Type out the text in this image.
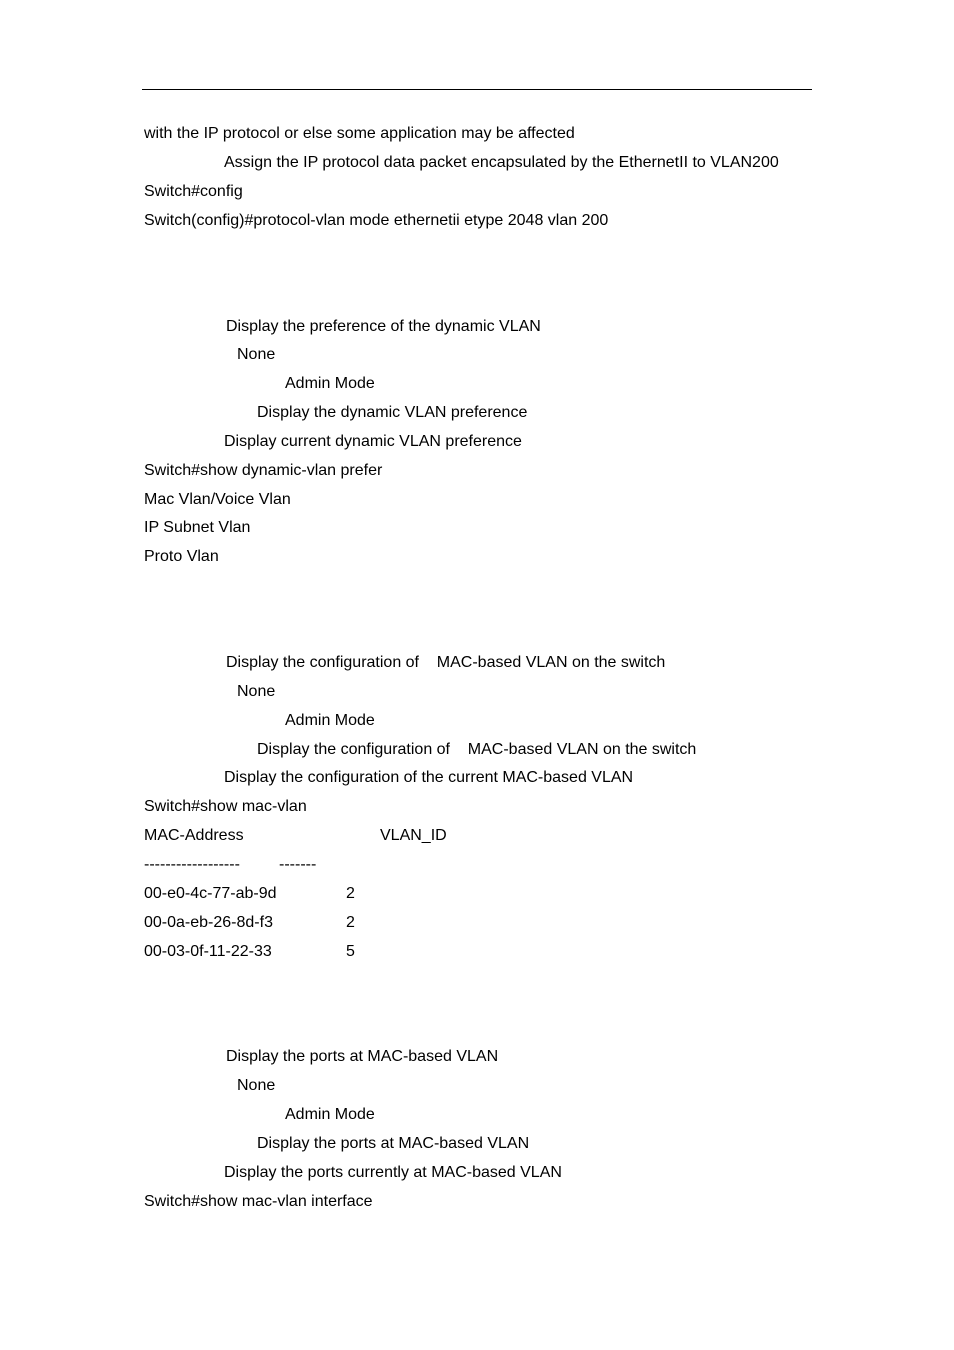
with the IP protocol or else some application may be affected
Assign the IP protocol data packet encapsulated by the EthernetII to VLAN200
Switch#config
Switch(config)#protocol-vlan mode ethernetii etype 2048 vlan 200
Display the preference of the dynamic VLAN
None
Admin Mode
Display the dynamic VLAN preference
Display current dynamic VLAN preference
Switch#show dynamic-vlan prefer
Mac Vlan/Voice Vlan
IP Subnet Vlan
Proto Vlan
Display the configuration of    MAC-based VLAN on the switch
None
Admin Mode
Display the configuration of    MAC-based VLAN on the switch
Display the configuration of the current MAC-based VLAN
Switch#show mac-vlan
MAC-Address	VLAN_ID
------------------ -------
00-e0-4c-77-ab-9d	2
00-0a-eb-26-8d-f3	2
00-03-0f-11-22-33	5
Display the ports at MAC-based VLAN
None
Admin Mode
Display the ports at MAC-based VLAN
Display the ports currently at MAC-based VLAN
Switch#show mac-vlan interface
